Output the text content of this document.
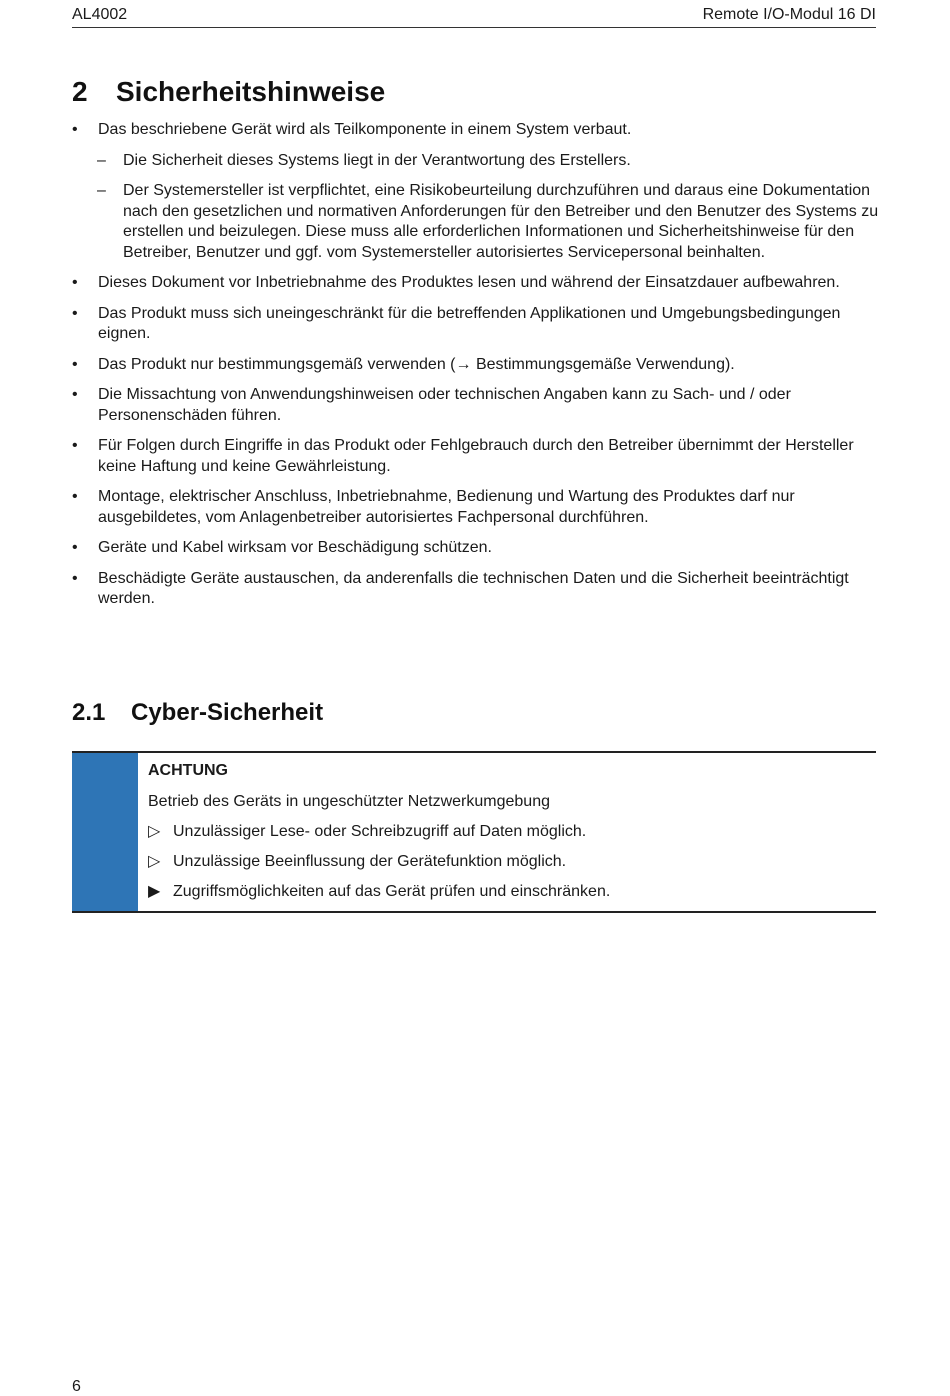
AL4002	Remote I/O-Modul 16 DI
2 Sicherheitshinweise
• Das beschriebene Gerät wird als Teilkomponente in einem System verbaut.
– Die Sicherheit dieses Systems liegt in der Verantwortung des Erstellers.
– Der Systemersteller ist verpflichtet, eine Risikobeurteilung durchzuführen und daraus eine Dokumentation nach den gesetzlichen und normativen Anforderungen für den Betreiber und den Benutzer des Systems zu erstellen und beizulegen. Diese muss alle erforderlichen Informationen und Sicherheitshinweise für den Betreiber, Benutzer und ggf. vom Systemersteller autorisiertes Servicepersonal beinhalten.
• Dieses Dokument vor Inbetriebnahme des Produktes lesen und während der Einsatzdauer aufbewahren.
• Das Produkt muss sich uneingeschränkt für die betreffenden Applikationen und Umgebungsbedingungen eignen.
• Das Produkt nur bestimmungsgemäß verwenden (→ Bestimmungsgemäße Verwendung).
• Die Missachtung von Anwendungshinweisen oder technischen Angaben kann zu Sach- und / oder Personenschäden führen.
• Für Folgen durch Eingriffe in das Produkt oder Fehlgebrauch durch den Betreiber übernimmt der Hersteller keine Haftung und keine Gewährleistung.
• Montage, elektrischer Anschluss, Inbetriebnahme, Bedienung und Wartung des Produktes darf nur ausgebildetes, vom Anlagenbetreiber autorisiertes Fachpersonal durchführen.
• Geräte und Kabel wirksam vor Beschädigung schützen.
• Beschädigte Geräte austauschen, da anderenfalls die technischen Daten und die Sicherheit beeinträchtigt werden.
2.1 Cyber-Sicherheit
ACHTUNG
Betrieb des Geräts in ungeschützter Netzwerkumgebung
▷ Unzulässiger Lese- oder Schreibzugriff auf Daten möglich.
▷ Unzulässige Beeinflussung der Gerätefunktion möglich.
▶ Zugriffsmöglichkeiten auf das Gerät prüfen und einschränken.
6
